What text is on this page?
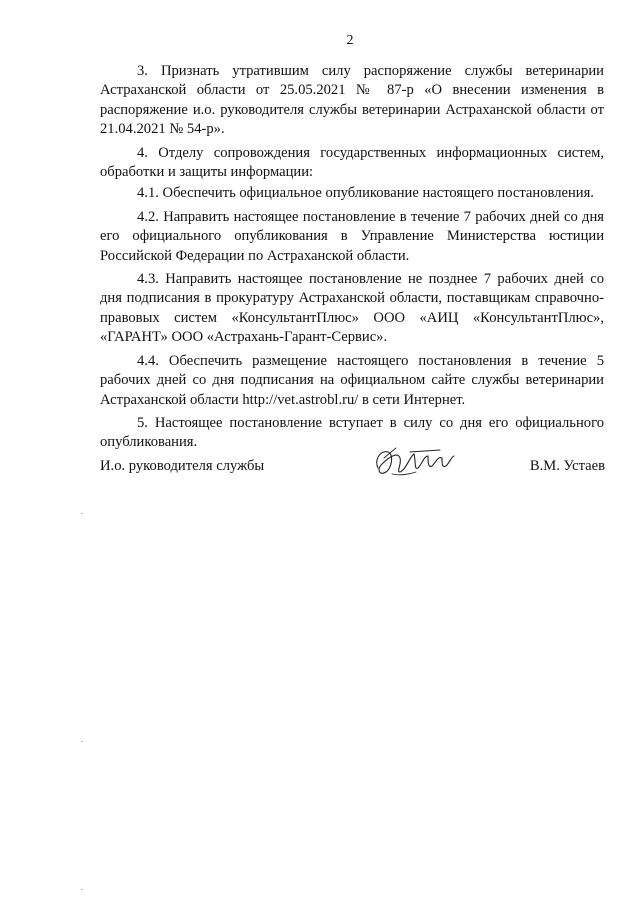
2

3. Признать утратившим силу распоряжение службы ветеринарии Астраханской области от 25.05.2021 № 87-р «О внесении изменения в распоряжение и.о. руководителя службы ветеринарии Астраханской области от 21.04.2021 № 54-р».

4. Отделу сопровождения государственных информационных систем, обработки и защиты информации:

4.1. Обеспечить официальное опубликование настоящего постановления.

4.2. Направить настоящее постановление в течение 7 рабочих дней со дня его официального опубликования в Управление Министерства юстиции Российской Федерации по Астраханской области.

4.3. Направить настоящее постановление не позднее 7 рабочих дней со дня подписания в прокуратуру Астраханской области, поставщикам справочно-правовых систем «КонсультантПлюс» ООО «АИЦ «КонсультантПлюс», «ГАРАНТ» ООО «Астрахань-Гарант-Сервис».

4.4. Обеспечить размещение настоящего постановления в течение 5 рабочих дней со дня подписания на официальном сайте службы ветеринарии Астраханской области http://vet.astrobl.ru/ в сети Интернет.

5. Настоящее постановление вступает в силу со дня его официального опубликования.

И.о. руководителя службы	В.М. Устаев
